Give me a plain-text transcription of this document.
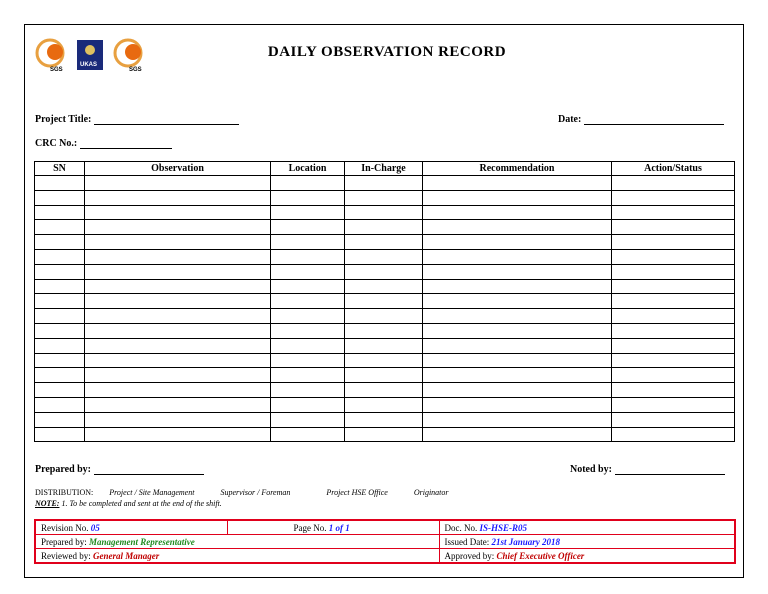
SGS
UKAS
SGS
DAILY OBSERVATION RECORD
Project Title:	Date:
CRC No.:
SN	Observation	Location	In-Charge	Recommendation	Action/Status

Prepared by:	Noted by:
DISTRIBUTION: Project / Site Management	Supervisor / Foreman	Project HSE Office	Originator
NOTE: 1. To be completed and sent at the end of the shift.
Revision No. 05	Page No. 1 of 1	Doc. No. IS-HSE-R05
Prepared by: Management Representative		Issued Date: 21st January 2018
Reviewed by: General Manager		Approved by: Chief Executive Officer
